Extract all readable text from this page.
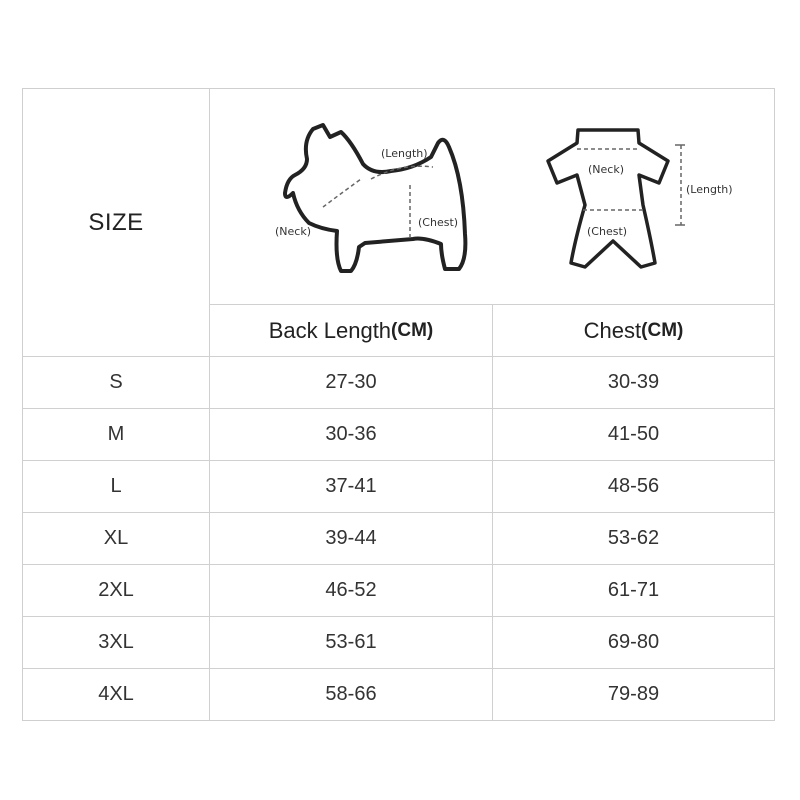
SIZE
Back Length (CM)	Chest (CM)
(Length)
(Neck)
(Chest)
(Neck)
(Length)
(Chest)
S	27-30	30-39
M	30-36	41-50
L	37-41	48-56
XL	39-44	53-62
2XL	46-52	61-71
3XL	53-61	69-80
4XL	58-66	79-89
